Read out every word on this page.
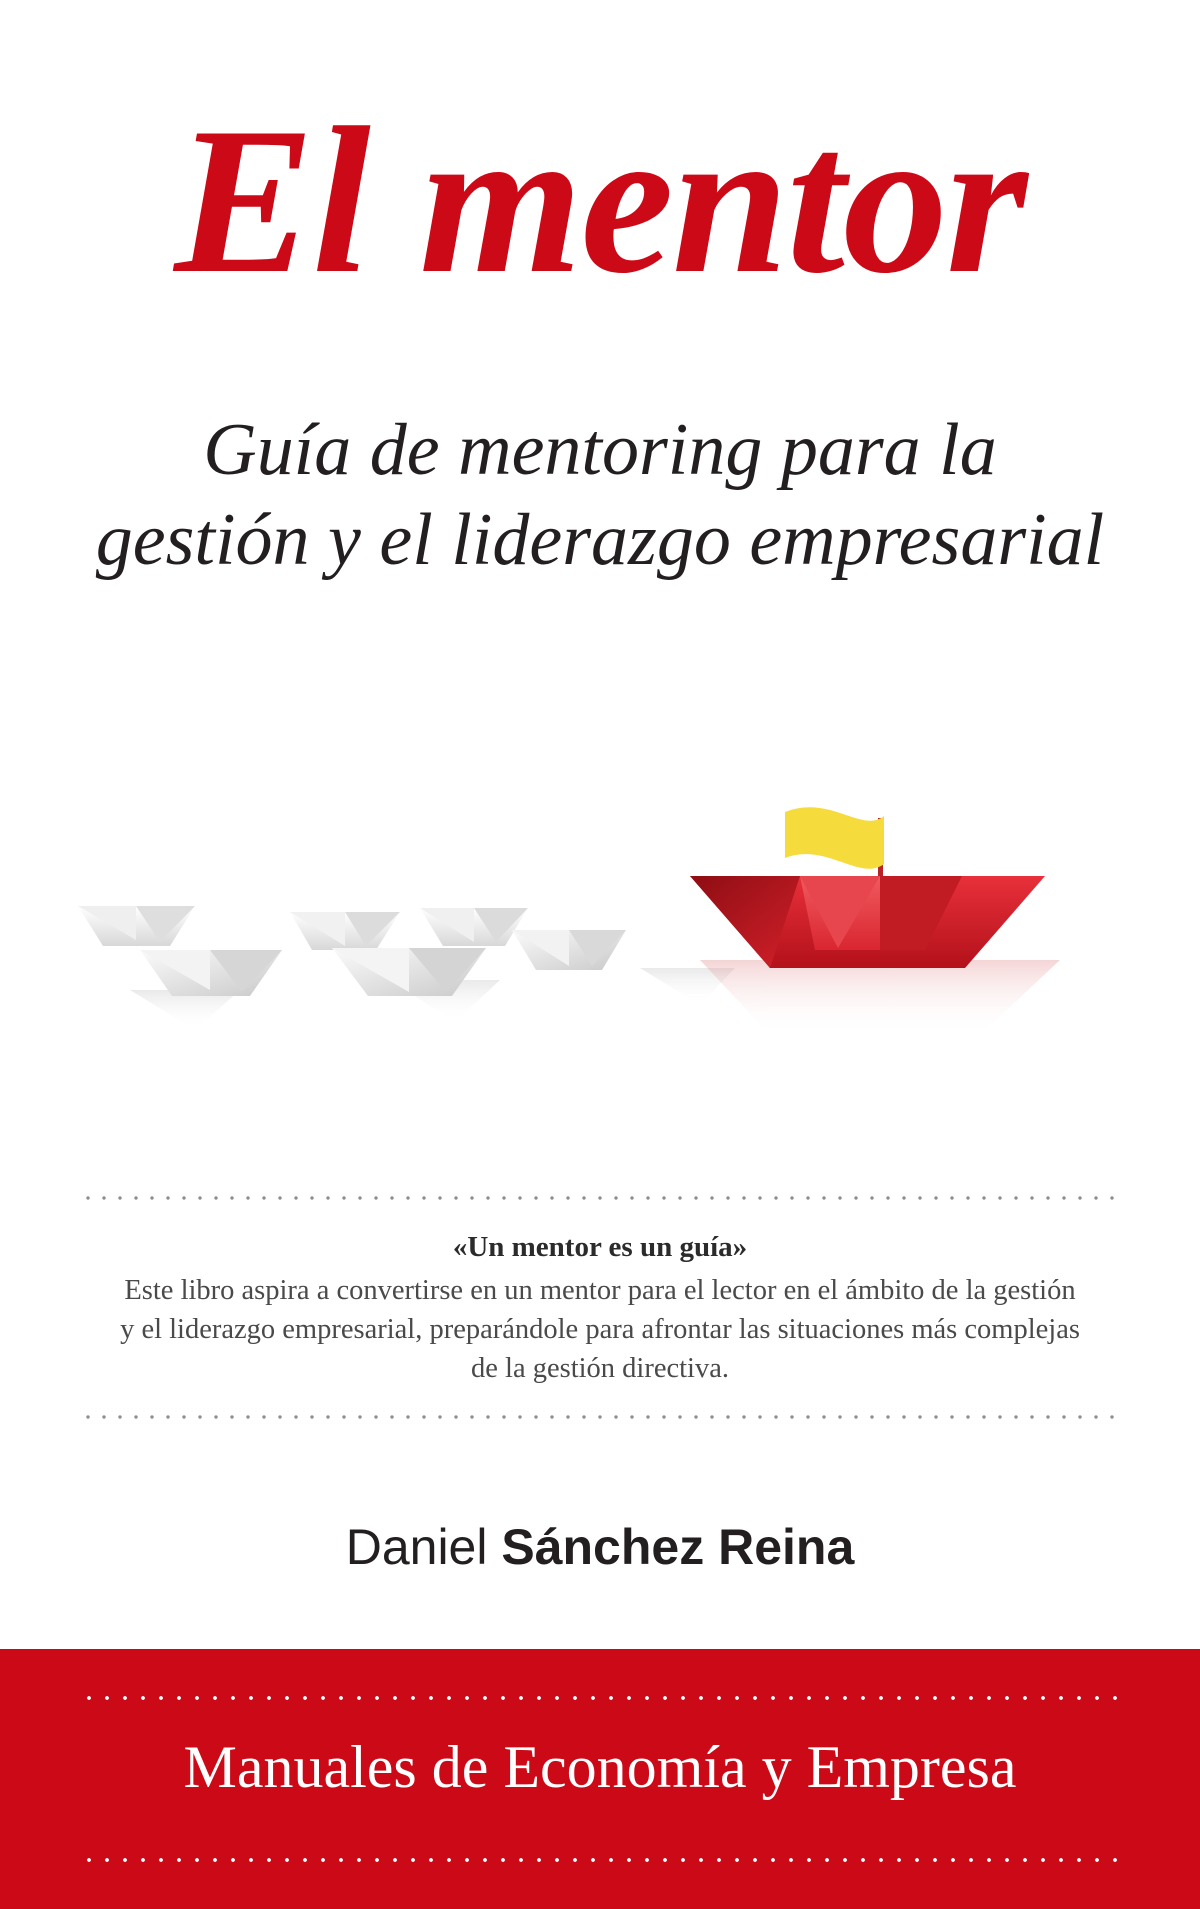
El mentor
Guía de mentoring para la gestión y el liderazgo empresarial
«Un mentor es un guía»
Este libro aspira a convertirse en un mentor para el lector en el ámbito de la gestión y el liderazgo empresarial, preparándole para afrontar las situaciones más complejas de la gestión directiva.
Daniel Sánchez Reina
Manuales de Economía y Empresa
